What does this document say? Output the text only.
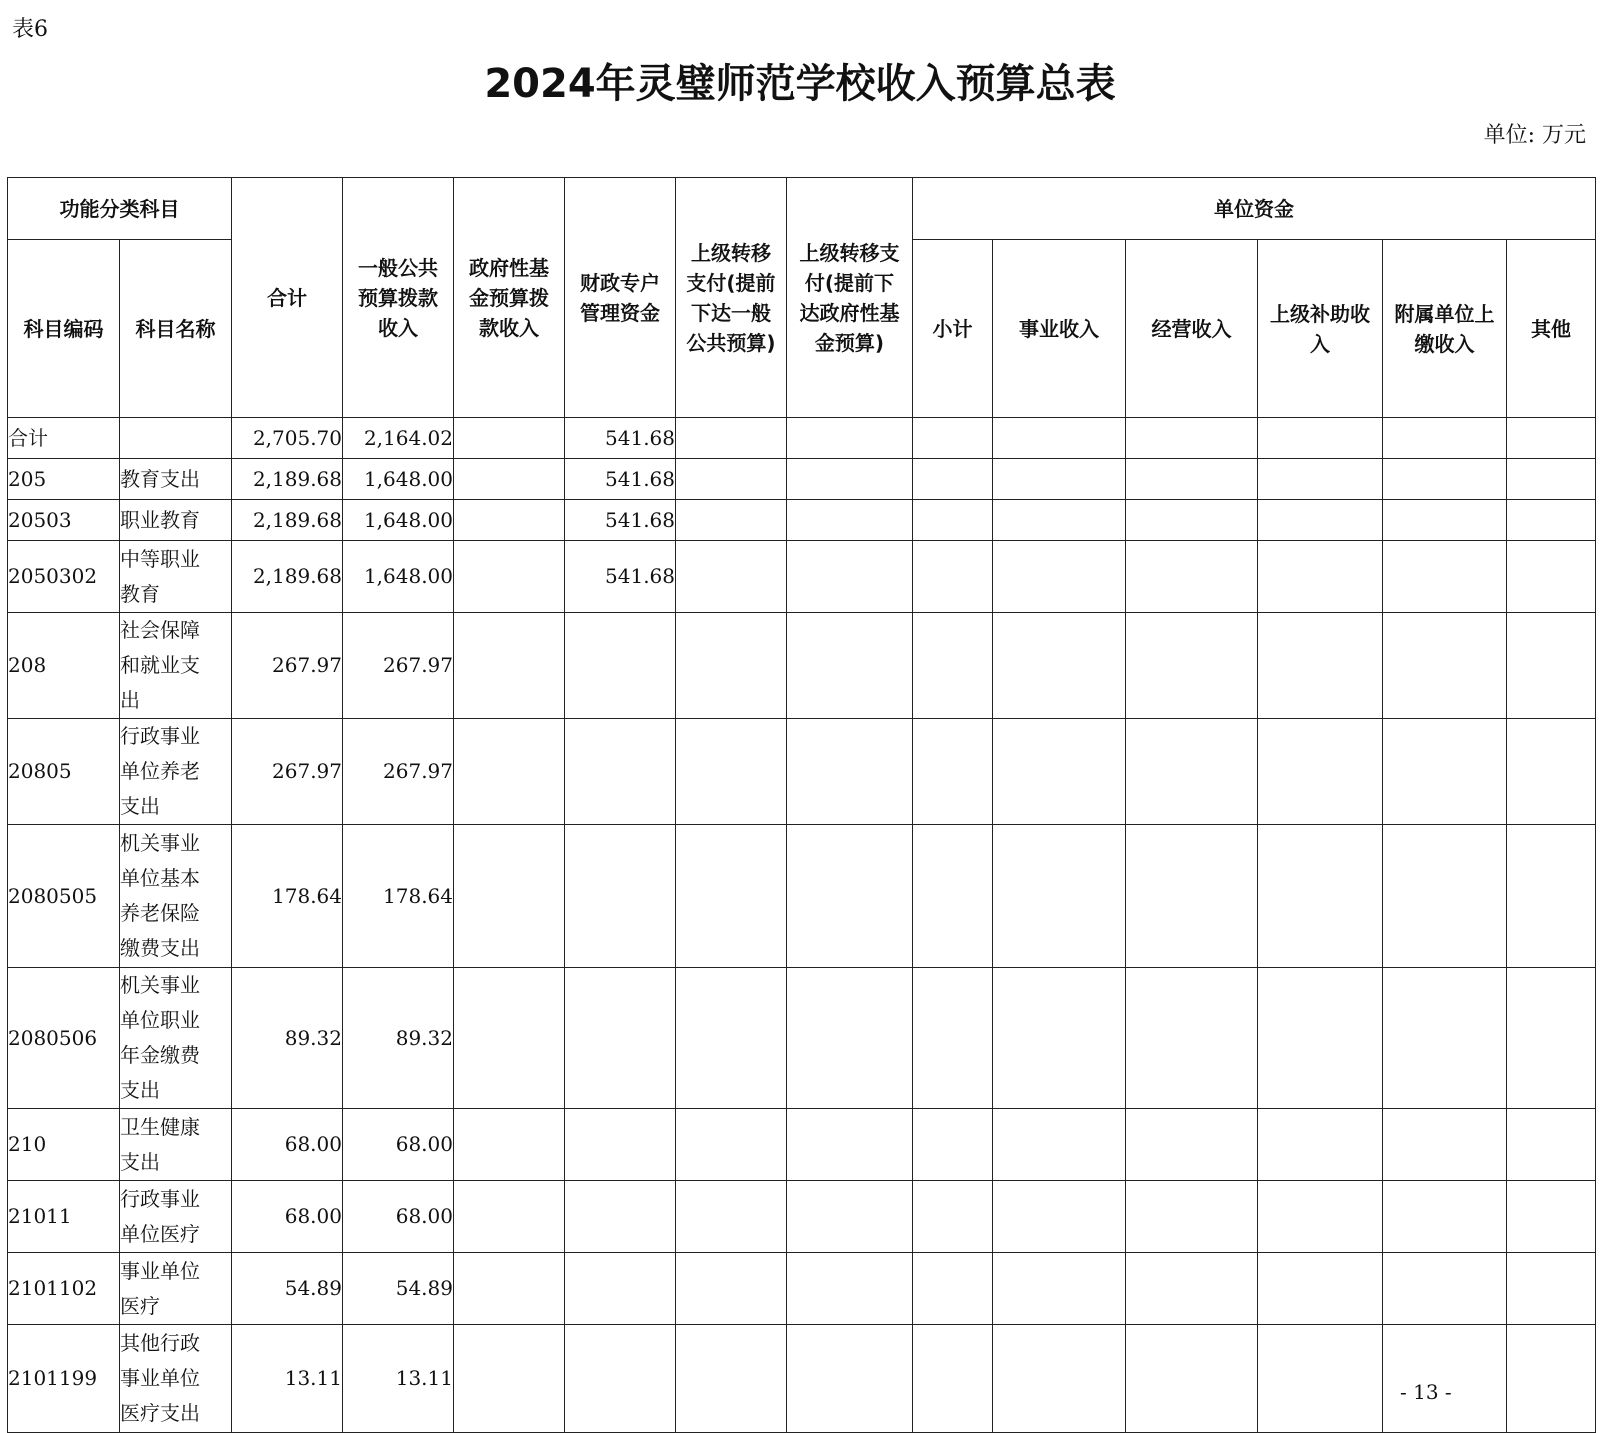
表6
2024年灵璧师范学校收入预算总表
单位: 万元
功能分类科目		合计	一般公共预算拨款收入	政府性基金预算拨款收入	财政专户管理资金	上级转移支付(提前下达一般公共预算)	上级转移支付(提前下达政府性基金预算)	单位资金					
科目编码	科目名称							小计	事业收入	经营收入	上级补助收入	附属单位上缴收入	其他
合计		2,705.70	2,164.02		541.68								
205	教育支出	2,189.68	1,648.00		541.68								
20503	职业教育	2,189.68	1,648.00		541.68								
2050302	中等职业教育	2,189.68	1,648.00		541.68								
208	社会保障和就业支出	267.97	267.97										
20805	行政事业单位养老支出	267.97	267.97										
2080505	机关事业单位基本养老保险缴费支出	178.64	178.64										
2080506	机关事业单位职业年金缴费支出	89.32	89.32										
210	卫生健康支出	68.00	68.00										
21011	行政事业单位医疗	68.00	68.00										
2101102	事业单位医疗	54.89	54.89										
2101199	其他行政事业单位医疗支出	13.11	13.11										
- 13 -
